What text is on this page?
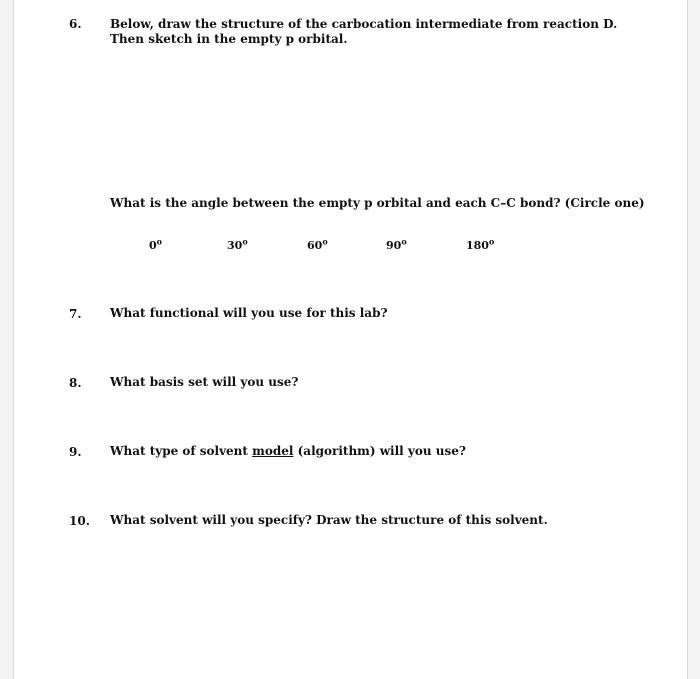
6. Below, draw the structure of the carbocation intermediate from reaction D. Then sketch in the empty p orbital.
What is the angle between the empty p orbital and each C–C bond? (Circle one)
0$^o$	30$^o$	60$^o$	90$^o$	180$^o$
7. What functional will you use for this lab?
8. What basis set will you use?
9. What type of solvent model (algorithm) will you use?
10. What solvent will you specify? Draw the structure of this solvent.
